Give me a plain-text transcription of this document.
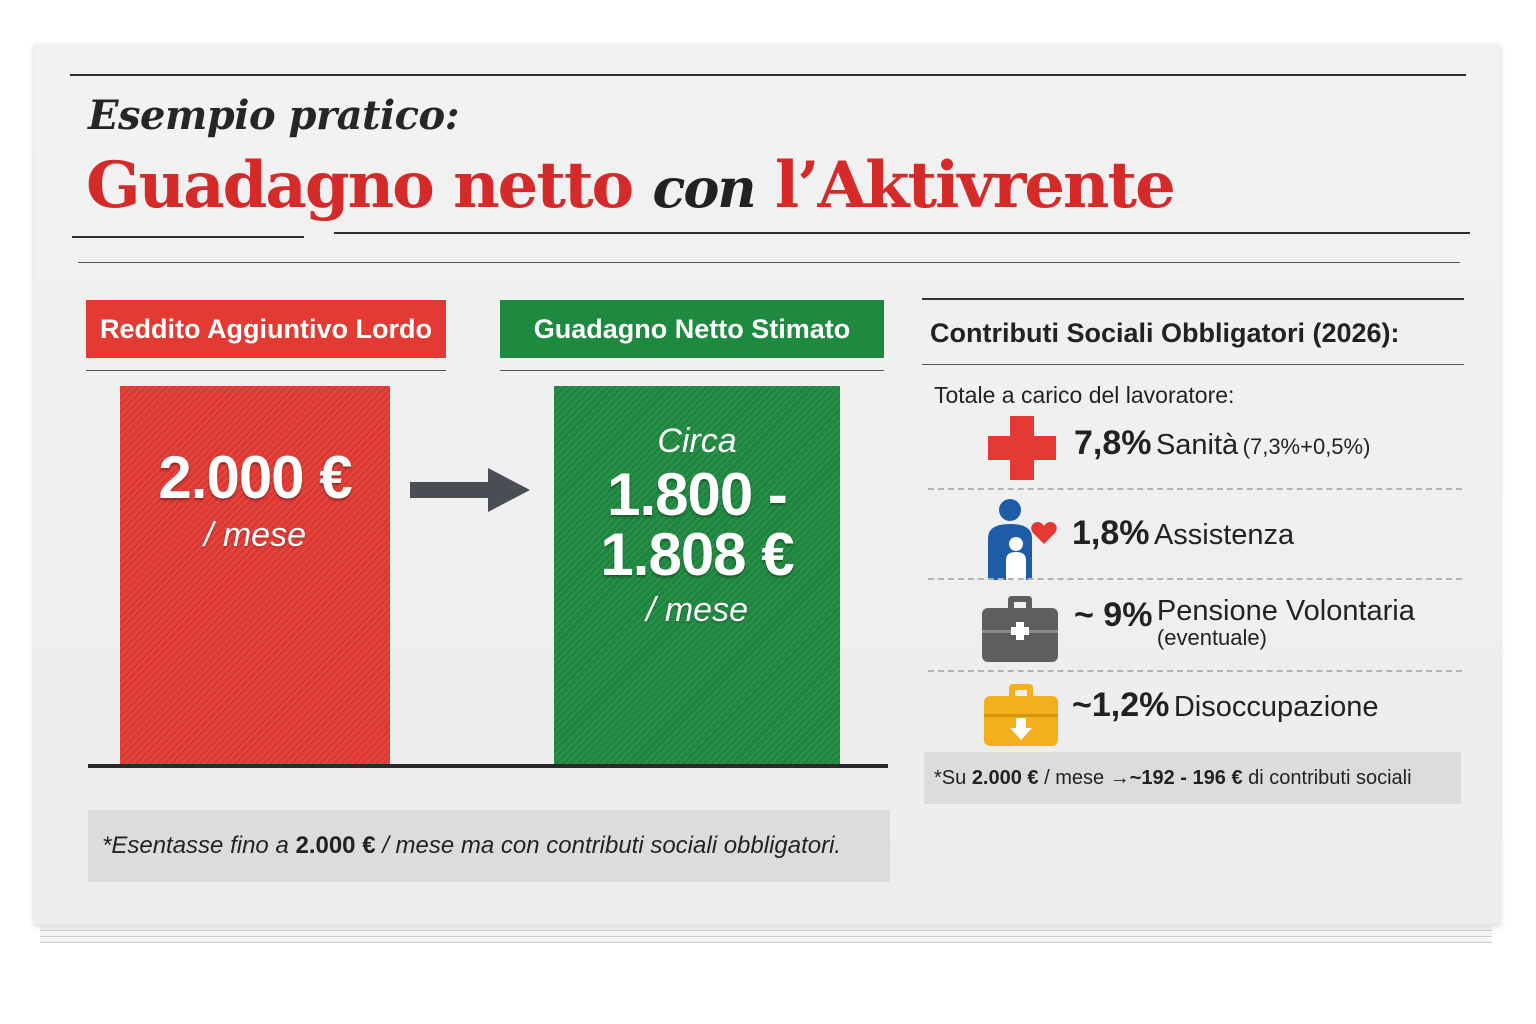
Esempio pratico:
Guadagno netto con l’Aktivrente
Reddito Aggiuntivo Lordo
2.000 €
/ mese
Guadagno Netto Stimato
Circa
1.800 -
1.808 €
/ mese
*Esentasse fino a
2.000 €
/ mese ma con contributi sociali obbligatori.
Contributi Sociali Obbligatori (2026):
Totale a carico del lavoratore:
7,8% Sanità (7,3%+0,5%)
1,8% Assistenza
~ 9% Pensione Volontaria
(eventuale)
~1,2% Disoccupazione
*Su
2.000 €
/ mese
→ ~192 - 196 €
di contributi sociali
